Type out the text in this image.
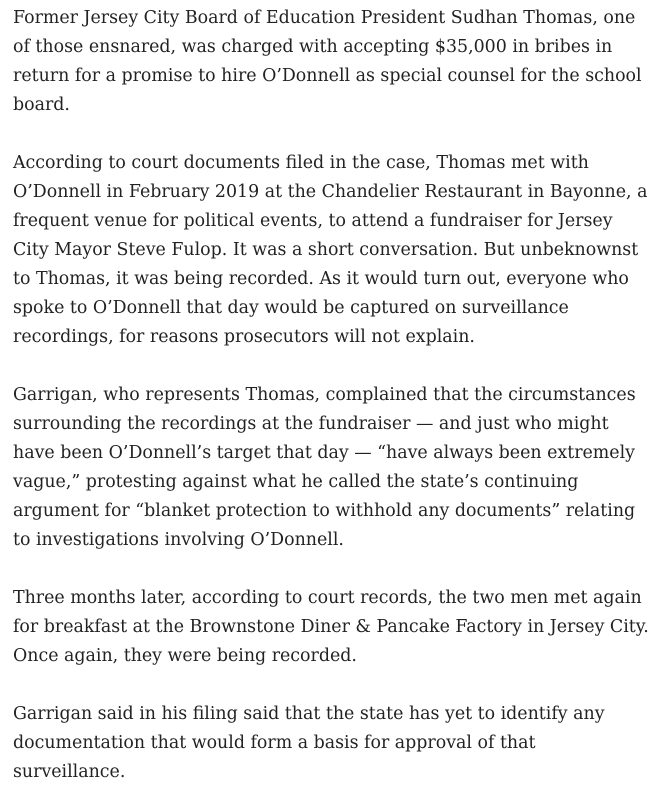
Former Jersey City Board of Education President Sudhan Thomas, one of those ensnared, was charged with accepting $35,000 in bribes in return for a promise to hire O’Donnell as special counsel for the school board.

According to court documents filed in the case, Thomas met with O’Donnell in February 2019 at the Chandelier Restaurant in Bayonne, a frequent venue for political events, to attend a fundraiser for Jersey City Mayor Steve Fulop. It was a short conversation. But unbeknownst to Thomas, it was being recorded. As it would turn out, everyone who spoke to O’Donnell that day would be captured on surveillance recordings, for reasons prosecutors will not explain.

Garrigan, who represents Thomas, complained that the circumstances surrounding the recordings at the fundraiser — and just who might have been O’Donnell’s target that day — “have always been extremely vague,” protesting against what he called the state’s continuing argument for “blanket protection to withhold any documents” relating to investigations involving O’Donnell.

Three months later, according to court records, the two men met again for breakfast at the Brownstone Diner & Pancake Factory in Jersey City. Once again, they were being recorded.

Garrigan said in his filing said that the state has yet to identify any documentation that would form a basis for approval of that surveillance.
